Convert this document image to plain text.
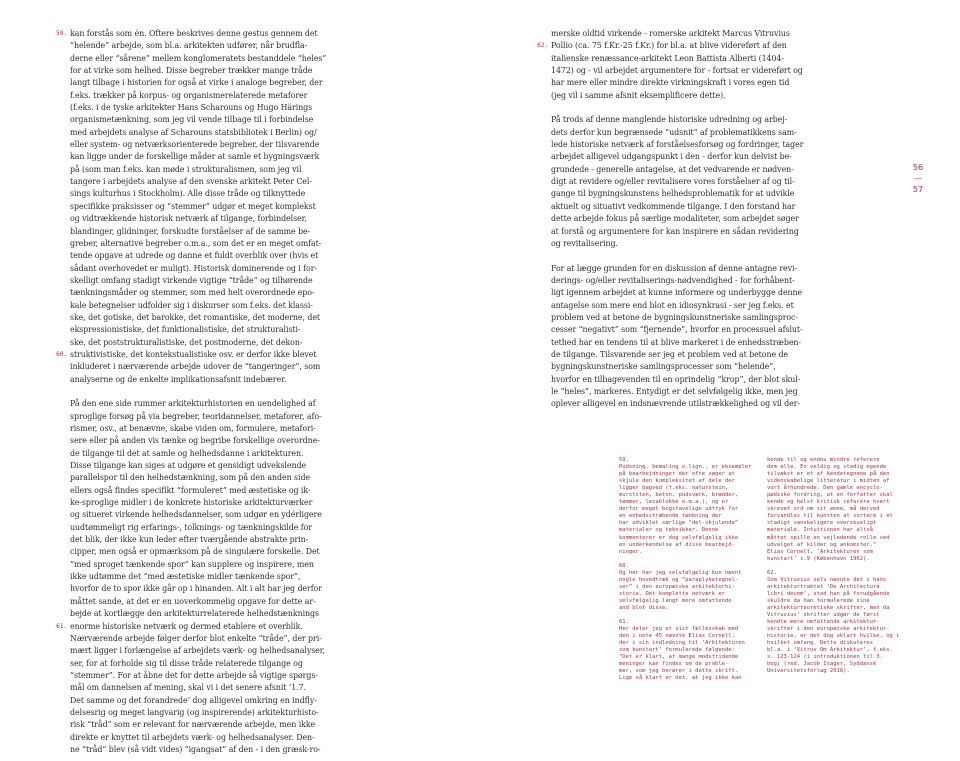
59. kan forstås som én. Oftere beskrives denne gestus gennem det
“helende” arbejde, som bl.a. arkitekten udfører, når brudfla-
derne eller “sårene” mellem konglomeratets bestanddele “heles”
for at virke som helhed. Disse begreber trækker mange tråde
langt tilbage i historien for også at virke i analoge begreber, der
f.eks. trækker på korpus- og organismerelaterede metaforer
(f.eks. i de tyske arkitekter Hans Scharouns og Hugo Härings
organismetænkning, som jeg vil vende tilbage til i forbindelse
med arbejdets analyse af Scharouns statsbibliotek i Berlin) og/
eller system- og netværksorienterede begreber, der tilsvarende
kan ligge under de forskellige måder at samle et bygningsværk
på (som man f.eks. kan møde i strukturalismen, som jeg vil
tangere i arbejdets analyse af den svenske arkitekt Peter Cel-
sings kulturhus i Stockholm). Alle disse tråde og tilknyttede
specifikke praksisser og “stemmer” udgør et meget komplekst
og vidtrækkende historisk netværk af tilgange, forbindelser,
blandinger, glidninger, forskudte forståelser af de samme be-
greber, alternative begreber o.m.a., som det er en meget omfat-
tende opgave at udrede og danne et fuldt overblik over (hvis et
sådant overhovedet er muligt). Historisk dominerende og i for-
skelligt omfang stadigt virkende vigtige “tråde” og tilhørende
tænkningsmåder og stemmer, som med helt overordnede epo-
kale betegnelser udfolder sig i diskurser som f.eks. det klassi-
ske, det gotiske, det barokke, det romantiske, det moderne, det
ekspressionistiske, det funktionalistiske, det strukturalisti-
ske, det poststrukturalistiske, det postmoderne, det dekon-
60. struktivistiske, det kontekstualistiske osv. er derfor ikke blevet
inkluderet i nærværende arbejde udover de “tangeringer”, som
analyserne og de enkelte implikationsafsnit indebærer.
På den ene side rummer arkitekturhistorien en uendelighed af
sproglige forsøg på via begreber, teoridannelser, metaforer, afo-
rismer, osv., at benævne, skabe viden om, formulere, metafori-
sere eller på anden vis tænke og begribe forskellige overordne-
de tilgange til det at samle og helhedsdanne i arkitekturen.
Disse tilgange kan siges at udgøre et gensidigt udvekslende
parallelspor til den helhedstænkning, som på den anden side
ellers også findes specifikt “formuleret” med æstetiske og ik-
ke-sproglige midler i de konkrete historiske arkitekturværker
og situeret virkende helhedsdannelser, som udgør en ydérligere
uudtømmeligt rig erfarings-, tolknings- og tænkningskilde for
det blik, der ikke kun leder efter tværgående abstrakte prin-
cipper, men også er opmærksom på de singulære forskelle. Det
“med sproget tænkende spor” kan supplere og inspirere, men
ikke udtømme det “med æstetiske midler tænkende spor”,
hvorfor de to spor ikke går op i hinanden. Alt i alt har jeg derfor
måttet sande, at det er en uoverkommelig opgave for dette ar-
bejde at kortlægge den arkitekturrelaterede helhedstænknings
61. enorme historiske netværk og dermed etablere et overblik.
Nærværende arbejde følger derfor blot enkelte “tråde”, der pri-
mært ligger i forlængelse af arbejdets værk- og helhedsanalyser,
ser, for at forholde sig til disse tråde relaterede tilgange og
“stemmer”. For at åbne det for dette arbejde så vigtige spørgs-
mål om dannelsen af mening, skal vi i det senere afsnit ‘1.7.
Det samme og det forandrede’ dog alligevel omkring en indfly-
delsesrig og meget langvarig (og inspirerende) arkitekturhisto-
risk “tråd” som er relevant for nærværende arbejde, men ikke
direkte er knyttet til arbejdets værk- og helhedsanalyser. Den-
ne “tråd” blev (så vidt vides) “igangsat” af den - i den græsk-ro-
merske oldtid virkende - romerske arkitekt Marcus Vitruvius
62. Pollio (ca. 75 f.Kr.-25 f.Kr.) for bl.a. at blive videreført af den
italienske renæssance-arkitekt Leon Battista Alberti (1404-
1472) og - vil arbejdet argumentere for - fortsat er videreført og
har mere eller mindre direkte virkningskraft i vores egen tid
(jeg vil i samme afsnit eksemplificere dette).
På trods af denne manglende historiske udredning og arbej-
dets derfor kun begrænsede “udsnit” af problematikkens sam-
lede historiske netværk af forståelsesforsøg og fordringer, tager
arbejdet alligevel udgangspunkt i den - derfor kun delvist be-
grundede - generelle antagelse, at det vedvarende er nødven-
digt at revidere og/eller revitalisere vores forståelser af og til-
gange til bygningskunstens helhedsproblematik for at udvikle
aktuelt og situativt vedkommende tilgange. I den forstand har
dette arbejde fokus på særlige modaliteter, som arbejdet søger
at forstå og argumentere for kan inspirere en sådan revidering
og revitalisering.
For at lægge grunden for en diskussion af denne antagne revi-
derings- og/eller revitaliserings-nødvendighed - for forhåbent-
ligt igennem arbejdet at kunne informere og underbygge denne
antagelse som mere end blot en idiosynkrasi - ser jeg f.eks. et
problem ved at betone de bygningskunstneriske samlingsproc-
cesser “negativt” som “fjernende”, hvorfor en processuel afslut-
tethed har en tendens til at blive markeret i de enhedsstræben-
de tilgange. Tilsvarende ser jeg et problem ved at betone de
bygningskunstneriske samlingsprocesser som “helende”,
hvorfor en tilbagevenden til en oprindelig “krop”, der blot skul-
le “heles”, markeres. Entydigt er det selvfølgelig ikke, men jeg
oplever alligevel en indsnævrende utilstrækkelighed og vil der-
56
—
57

59.
Pudsning, bemaling o.lign., er eksempler
på bearbejdninger der ofte søger at
skjule den kompleksitet af dele der
ligger bagved (f.eks. naturstein,
murststen, beton, pudsværk, brædder,
tømmer, lecablokke o.m.a.), og er
derfor meget bogstavelige udtryk for
en enhedsstræbende tænkning der
har udviklet særlige “del-skjulende”
materialer og teknikker. Denne
kommenterer er dog selvfølgelig ikke
en underkendelse af disse bearbejd-
ninger.

60.
Og her har jeg selvfølgelig kun nævnt
nogle hovedtræk og “paraplybetegnel-
ser” i den europæiske arkitekturhi-
storie. Det komplette netværk er
selvfølgelig langt mere omfattende
and blot disse.

61.
Her deler jeg et vist fællesskab med
den i note 45 nævnte Elias Cornell,
der i sin indledning til ‘Arkitekturen
som kunstart’ formulerede følgende:
“Det er klart, at mange modstridende
meninger kan findes om de proble-
mer, som jeg berører i dette skrift.
Lige så klart er det, at jeg ikke kan

kende til og endnu mindre referere
dem alle. En veldig og stadig egende
tilvækst er et af kendetegnene på den
videnskabelige litteratur i midten af
vort århundrede. Den gamle encyclo-
pædiske fordring, at en forfatter skal
kende og helst kritisk referere hvert
skrevet ord om sit emne, må derved
forvandles til kunsten at sortere i et
stadigt vanskeligere overskueligt
materiale. Intuitionen har altså
måttet spille en vejledende rolle ved
udvalget af kilder og ankomster.”
Elias Cornell, ‘Arkitekturen som
kunstart’ s.9 (København 1962).

62.
Som Vitruvius selv nævnte det i hans
arkitekturtraktat ‘De Architectura
libri decem’, stod han på forudgående
skuldre da han formulerede sine
arkitekturteoretiske skrifter, men da
Vitruvius’ skrifter udgør de først
kendte mere omfattende arkitektur-
skrifter i den europæiske arkitektur-
historie, er det dog uklart hvilke, og i
hvilket omfang. Dette diskuteres
bl.a. i ‘Vitruv Om Arkitektur’, f.eks.
s. 123-124 (i introduktionen til 3.
bog) (red. Jacob Isager, Syddansk
Universitetsforlag 2016).
